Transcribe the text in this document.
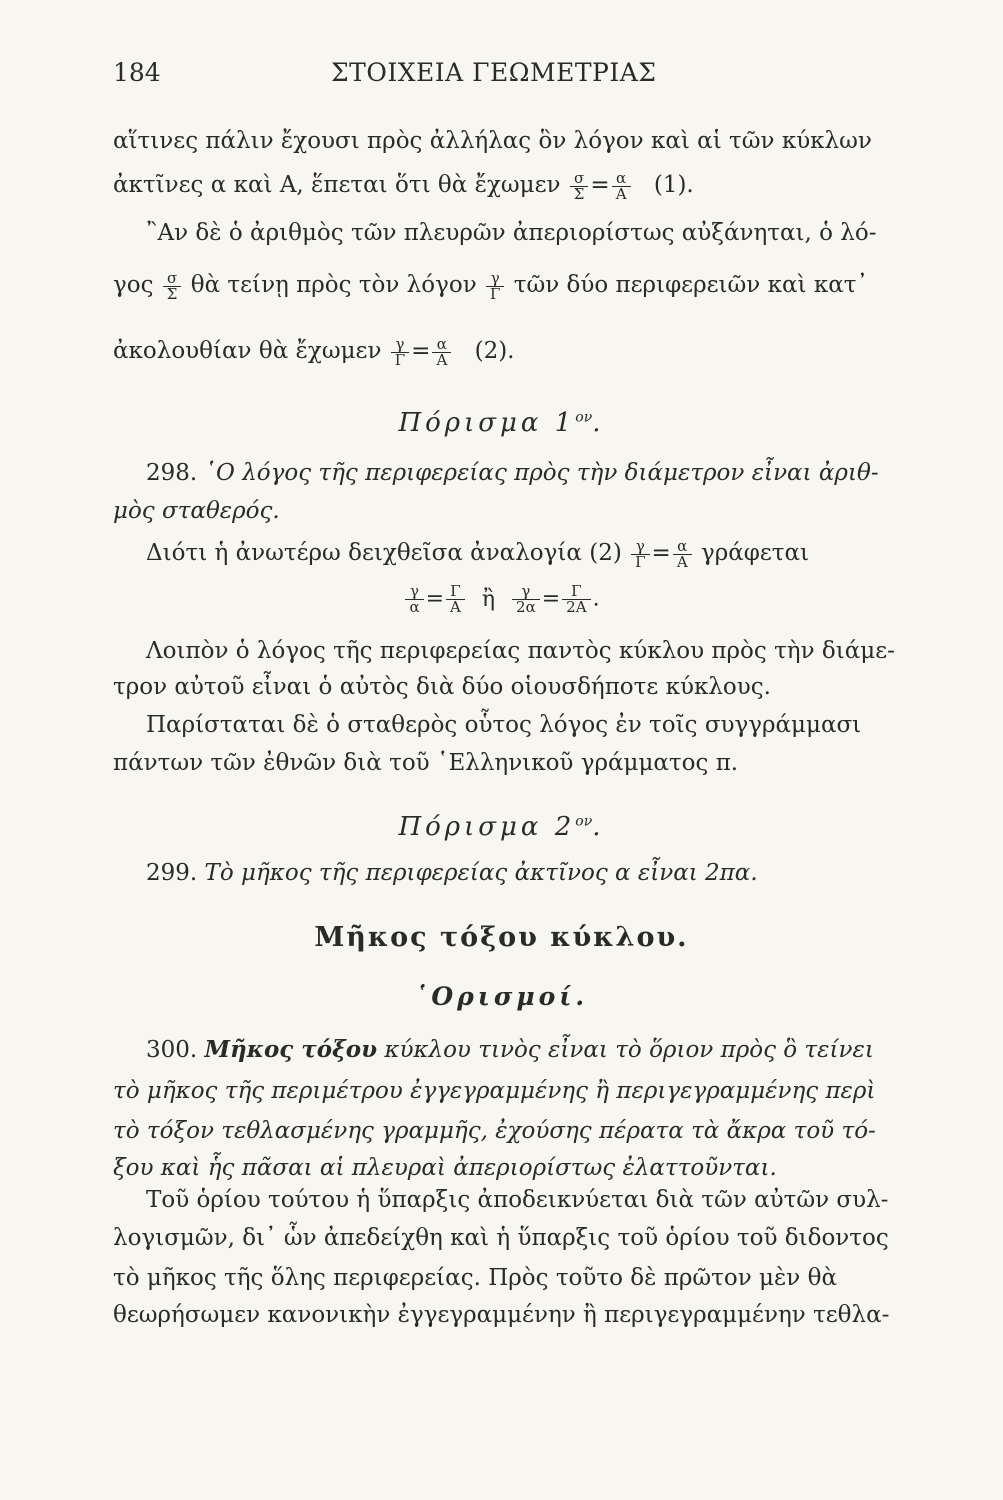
184	ΣΤΟΙΧΕΙΑ ΓΕΩΜΕΤΡΙΑΣ
αἵτινες πάλιν ἔχουσι πρὸς ἀλλήλας ὃν λόγον καὶ αἱ τῶν κύκλων
ἀκτῖνες α καὶ Α, ἕπεται ὅτι θὰ ἔχωμεν $\frac{\sigma}{\Sigma} = \frac{\alpha}{A} (1)$.
῍Αν δὲ ὁ ἀριθμὸς τῶν πλευρῶν ἀπεριορίστως αὐξάνηται, ὁ λό-
γος $\frac{\sigma}{\Sigma}$ θὰ τείνῃ πρὸς τὸν λόγον $\frac{\gamma}{\Gamma}$ τῶν δύο περιφερειῶν καὶ κατ᾽
ἀκολουθίαν θὰ ἔχωμεν $\frac{\gamma}{\Gamma} = \frac{\alpha}{A} (2)$.
Πόρισμα $1^{o\nu}$.
298. ῾Ο λόγος τῆς περιφερείας πρὸς τὴν διάμετρον εἶναι ἀριθ-
μὸς σταθερός.
Διότι ἡ ἀνωτέρω δειχθεῖσα ἀναλογία $(2) \frac{\gamma}{\Gamma} = \frac{\alpha}{A}$ γράφεται
$\frac{\gamma}{\alpha} = \frac{\Gamma}{A}$ ἢ $\frac{\gamma}{2\alpha} = \frac{\Gamma}{2A}$ .
Λοιπὸν ὁ λόγος τῆς περιφερείας παντὸς κύκλου πρὸς τὴν διάμε-
τρον αὐτοῦ εἶναι ὁ αὐτὸς διὰ δύο οἱουσδήποτε κύκλους.
Παρίσταται δὲ ὁ σταθερὸς οὗτος λόγος ἐν τοῖς συγγράμμασι
πάντων τῶν ἐθνῶν διὰ τοῦ ῾Ελληνικοῦ γράμματος π.
Πόρισμα $2^{o\nu}$.
299. Τὸ μῆκος τῆς περιφερείας ἀκτῖνος α εἶναι 2πα.
Μῆκος τόξου κύκλου.
῾Ορισμοί.
300. Μῆκος τόξου κύκλου τινὸς εἶναι τὸ ὅριον πρὸς ὃ τείνει
τὸ μῆκος τῆς περιμέτρου ἐγγεγραμμένης ἢ περιγεγραμμένης περὶ
τὸ τόξον τεθλασμένης γραμμῆς, ἐχούσης πέρατα τὰ ἄκρα τοῦ τό-
ξου καὶ ἧς πᾶσαι αἱ πλευραὶ ἀπεριορίστως ἐλαττοῦνται.
Τοῦ ὁρίου τούτου ἡ ὕπαρξις ἀποδεικνύεται διὰ τῶν αὐτῶν συλ-
λογισμῶν, δι᾽ ὧν ἀπεδείχθη καὶ ἡ ὕπαρξις τοῦ ὁρίου τοῦ διδοντος
τὸ μῆκος τῆς ὅλης περιφερείας. Πρὸς τοῦτο δὲ πρῶτον μὲν θὰ
θεωρήσωμεν κανονικὴν ἐγγεγραμμένην ἢ περιγεγραμμένην τεθλα-
